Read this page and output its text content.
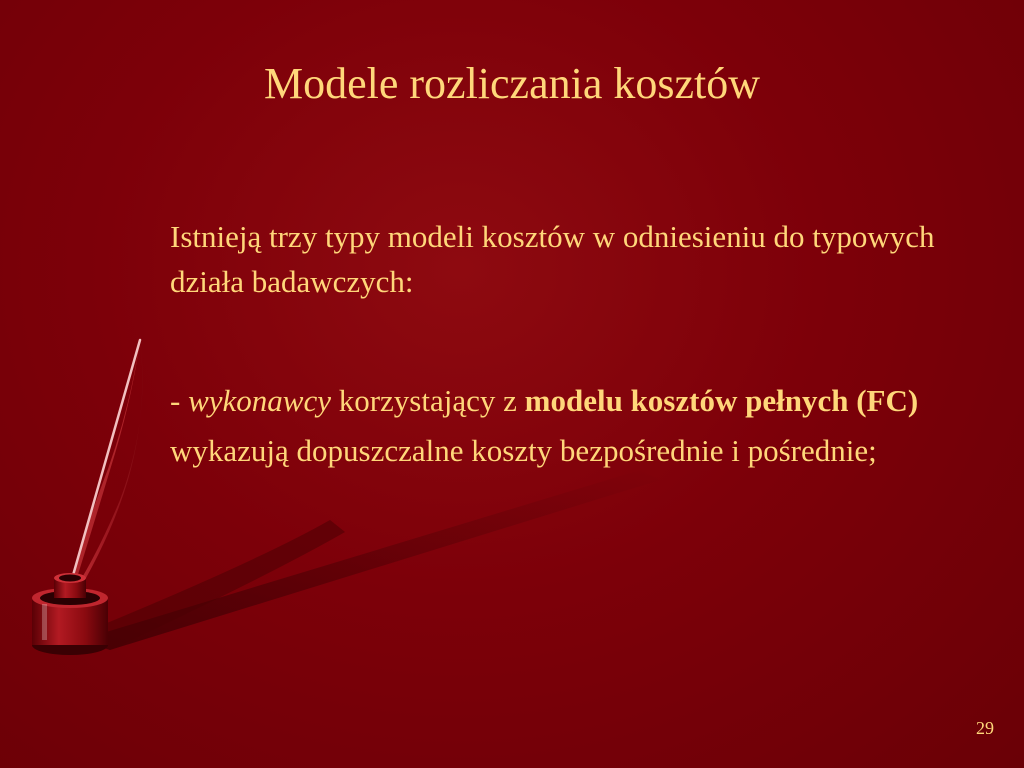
Modele rozliczania kosztów
Istnieją trzy typy modeli kosztów w odniesieniu do typowych działa badawczych:
- wykonawcy korzystający z modelu kosztów pełnych (FC) wykazują dopuszczalne koszty bezpośrednie i pośrednie;
29
